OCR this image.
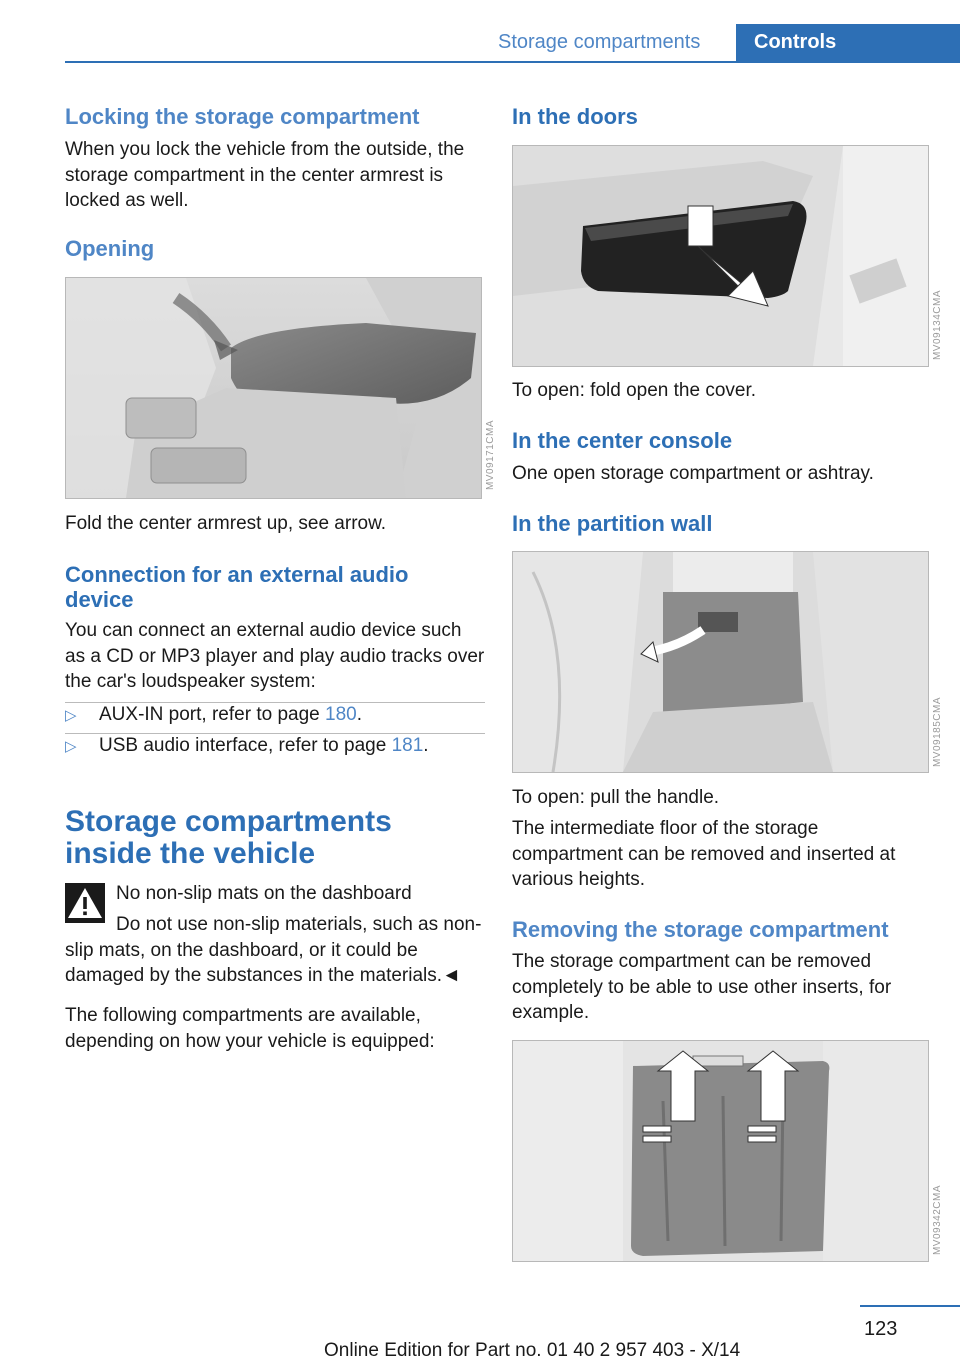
Storage compartments	Controls
Locking the storage compartment
When you lock the vehicle from the outside, the storage compartment in the center armrest is locked as well.
Opening
MV09171CMA
Fold the center armrest up, see arrow.
Connection for an external audio device
You can connect an external audio device such as a CD or MP3 player and play audio tracks over the car's loudspeaker system:
▷ AUX-IN port, refer to page 180.
▷ USB audio interface, refer to page 181.
Storage compartments inside the vehicle
No non-slip mats on the dashboard
Do not use non-slip materials, such as non-slip mats, on the dashboard, or it could be damaged by the substances in the materials.◄
The following compartments are available, depending on how your vehicle is equipped:
In the doors
MV09134CMA
To open: fold open the cover.
In the center console
One open storage compartment or ashtray.
In the partition wall
MV09185CMA
To open: pull the handle.
The intermediate floor of the storage compartment can be removed and inserted at various heights.
Removing the storage compartment
The storage compartment can be removed completely to be able to use other inserts, for example.
MV09342CMA
123
Online Edition for Part no. 01 40 2 957 403 - X/14
